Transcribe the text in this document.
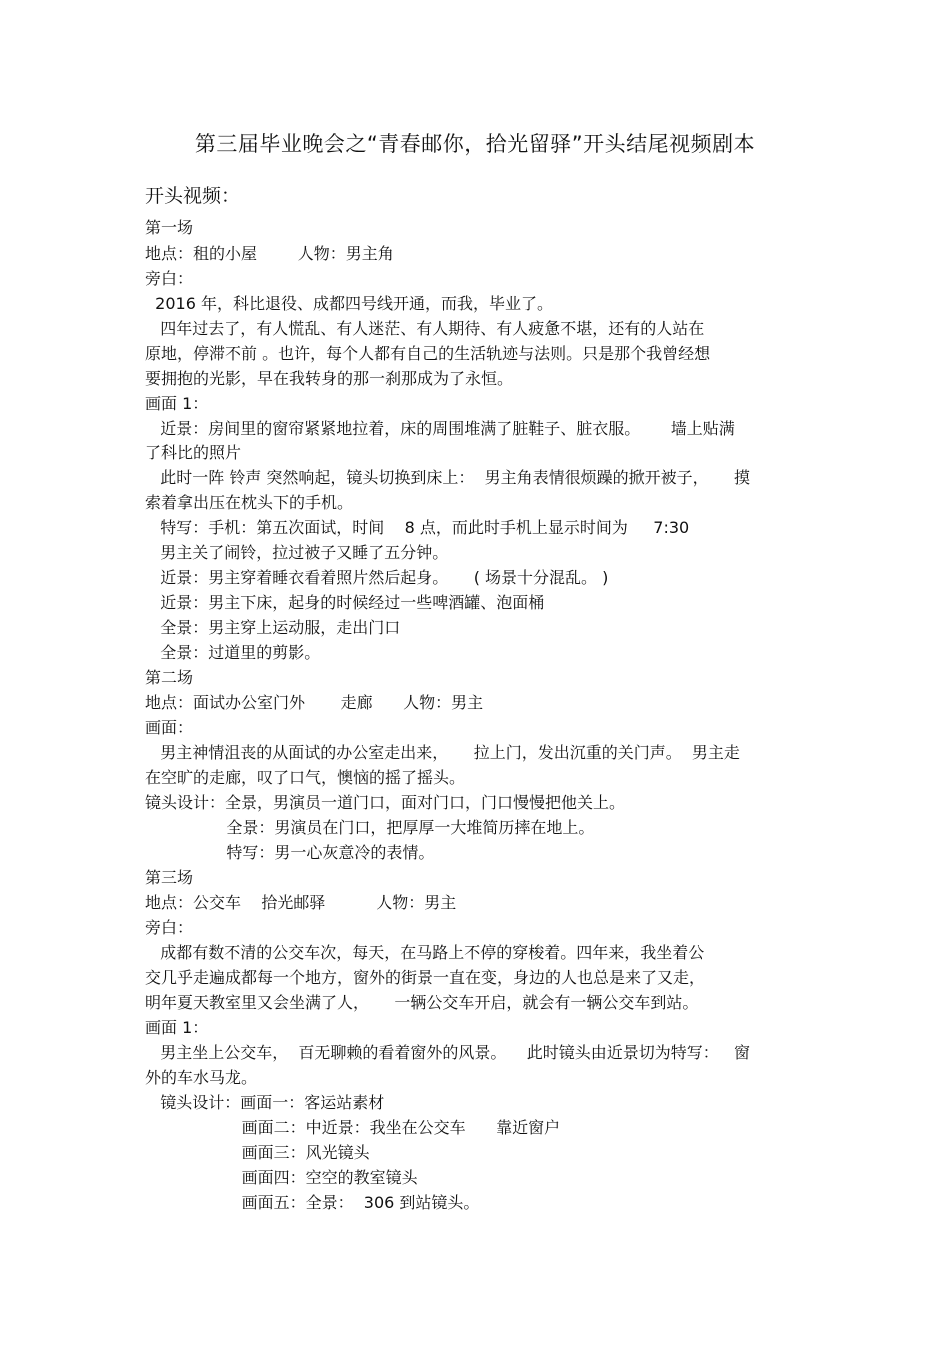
第三届毕业晚会之“青春邮你，拾光留驿”开头结尾视频剧本
开头视频：
第一场
地点：租的小屋        人物：男主角
旁白：
2016 年，科比退役、成都四号线开通，而我，毕业了。
四年过去了，有人慌乱、有人迷茫、有人期待、有人疲惫不堪，还有的人站在
原地，停滞不前 。也许，每个人都有自己的生活轨迹与法则。只是那个我曾经想
要拥抱的光影，早在我转身的那一刹那成为了永恒。
画面 1：
近景：房间里的窗帘紧紧地拉着，床的周围堆满了脏鞋子、脏衣服。      墙上贴满
了科比的照片
此时一阵 铃声 突然响起，镜头切换到床上：  男主角表情很烦躁的掀开被子，     摸
索着拿出压在枕头下的手机。
特写：手机：第五次面试，时间    8 点，而此时手机上显示时间为     7:30
男主关了闹铃，拉过被子又睡了五分钟。
近景：男主穿着睡衣看着照片然后起身。     ( 场景十分混乱。 )
近景：男主下床，起身的时候经过一些啤酒罐、泡面桶
全景：男主穿上运动服，走出门口
全景：过道里的剪影。
第二场
地点：面试办公室门外       走廊      人物：男主
画面：
男主神情沮丧的从面试的办公室走出来，     拉上门，发出沉重的关门声。  男主走
在空旷的走廊，叹了口气，懊恼的摇了摇头。
镜头设计：全景，男演员一道门口，面对门口，门口慢慢把他关上。
全景：男演员在门口，把厚厚一大堆简历摔在地上。
特写：男一心灰意冷的表情。
第三场
地点：公交车    拾光邮驿          人物：男主
旁白：
成都有数不清的公交车次，每天，在马路上不停的穿梭着。四年来，我坐着公
交几乎走遍成都每一个地方，窗外的街景一直在变，身边的人也总是来了又走，
明年夏天教室里又会坐满了人，     一辆公交车开启，就会有一辆公交车到站。
画面 1：
男主坐上公交车，  百无聊赖的看着窗外的风景。    此时镜头由近景切为特写：   窗
外的车水马龙。
镜头设计：画面一：客运站素材
画面二：中近景：我坐在公交车      靠近窗户
画面三：风光镜头
画面四：空空的教室镜头
画面五：全景：  306 到站镜头。
